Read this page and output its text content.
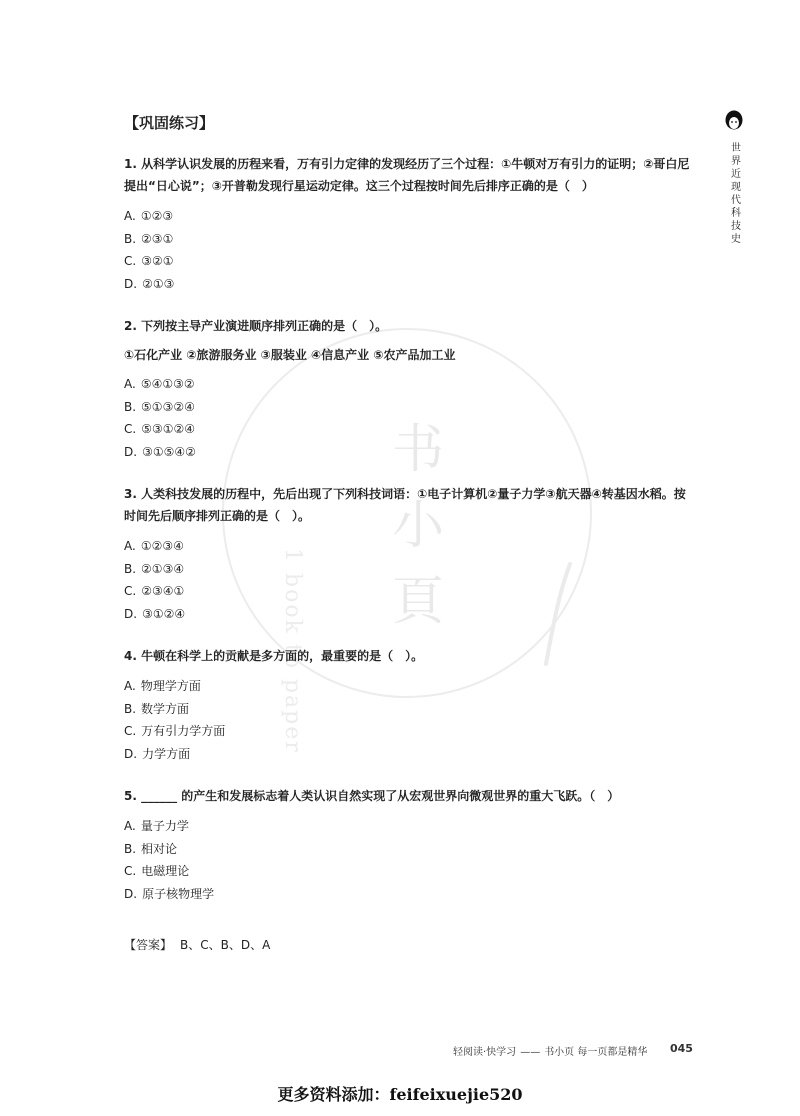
书
小
頁
1 book to paper
世界近现代科技史
【巩固练习】

1. 从科学认识发展的历程来看，万有引力定律的发现经历了三个过程：①牛顿对万有引力的证明；②哥白尼提出“日心说”；③开普勒发现行星运动定律。这三个过程按时间先后排序正确的是（　）

A. ①②③

B. ②③①

C. ③②①

D. ②①③

2. 下列按主导产业演进顺序排列正确的是（　）。

①石化产业 ②旅游服务业 ③服装业 ④信息产业 ⑤农产品加工业

A. ⑤④①③②

B. ⑤①③②④

C. ⑤③①②④

D. ③①⑤④②

3. 人类科技发展的历程中，先后出现了下列科技词语：①电子计算机②量子力学③航天器④转基因水稻。按时间先后顺序排列正确的是（　）。

A. ①②③④

B. ②①③④

C. ②③④①

D. ③①②④

4. 牛顿在科学上的贡献是多方面的，最重要的是（　）。

A. 物理学方面

B. 数学方面

C. 万有引力学方面

D. 力学方面

5. ______ 的产生和发展标志着人类认识自然实现了从宏观世界向微观世界的重大飞跃。（　）

A. 量子力学

B. 相对论

C. 电磁理论

D. 原子核物理学

【答案】 B、C、B、D、A
轻阅读·快学习 —— 书小页 每一页都是精华 045
更多资料添加：feifeixuejie520
